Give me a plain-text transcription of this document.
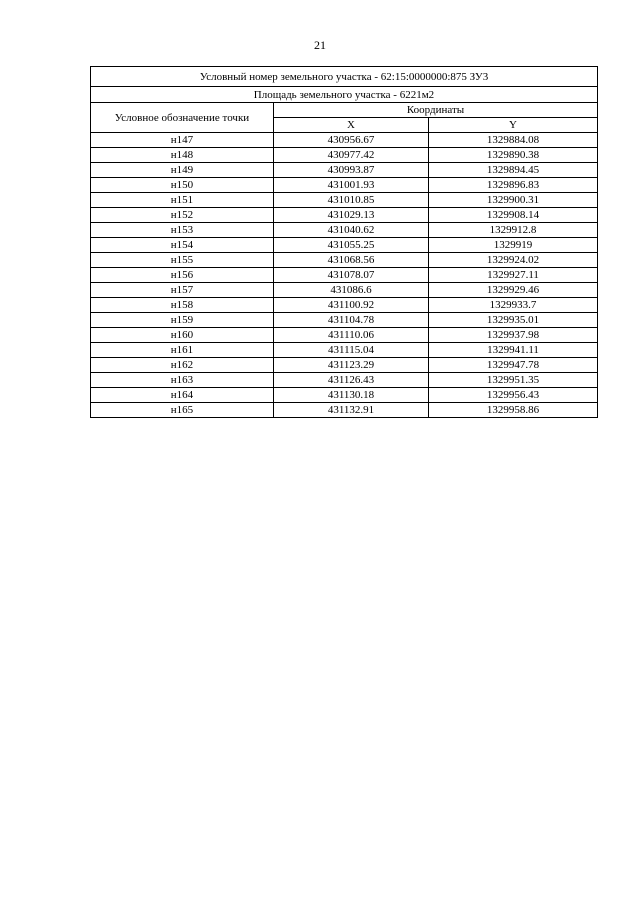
21
Условный номер земельного участка - 62:15:0000000:875 ЗУ3		
Площадь земельного участка - 6221м2		
Условное обозначение точки	Координаты	
	X	Y
н147	430956.67	1329884.08
н148	430977.42	1329890.38
н149	430993.87	1329894.45
н150	431001.93	1329896.83
н151	431010.85	1329900.31
н152	431029.13	1329908.14
н153	431040.62	1329912.8
н154	431055.25	1329919
н155	431068.56	1329924.02
н156	431078.07	1329927.11
н157	431086.6	1329929.46
н158	431100.92	1329933.7
н159	431104.78	1329935.01
н160	431110.06	1329937.98
н161	431115.04	1329941.11
н162	431123.29	1329947.78
н163	431126.43	1329951.35
н164	431130.18	1329956.43
н165	431132.91	1329958.86
